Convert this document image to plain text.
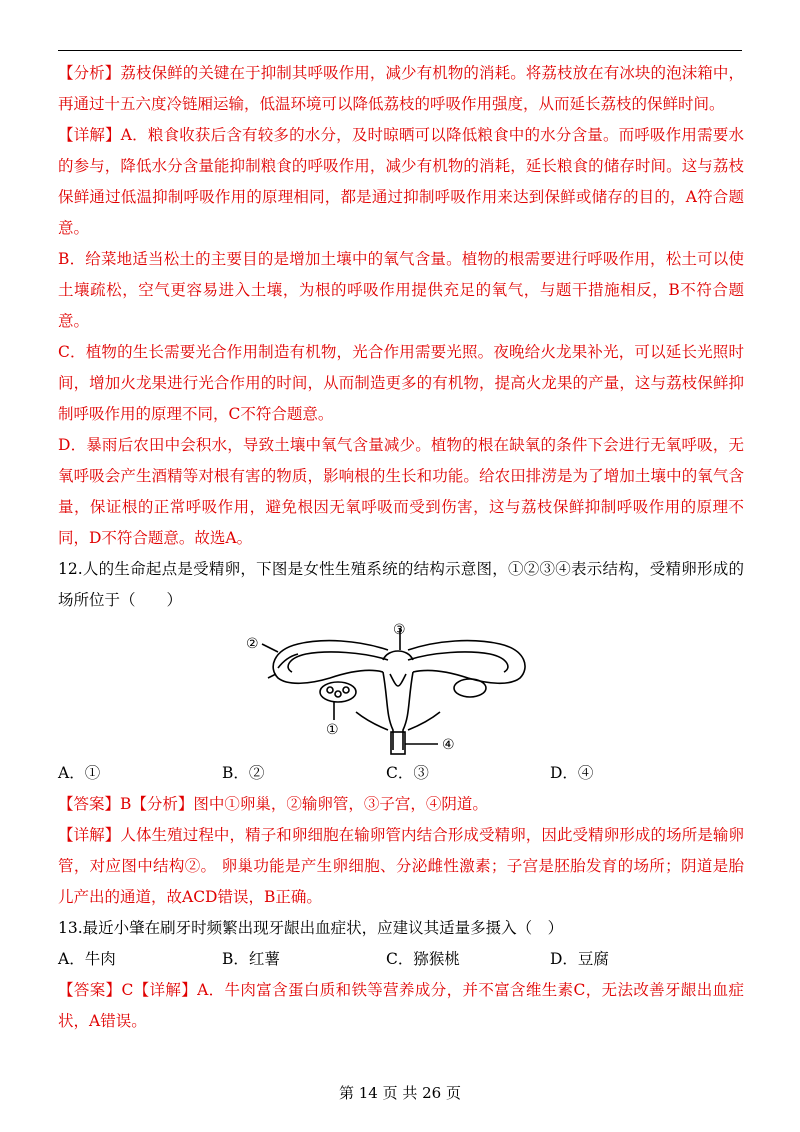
【分析】荔枝保鲜的关键在于抑制其呼吸作用，减少有机物的消耗。将荔枝放在有冰块的泡沫箱中，再通过十五六度冷链厢运输，低温环境可以降低荔枝的呼吸作用强度，从而延长荔枝的保鲜时间。

【详解】A．粮食收获后含有较多的水分，及时晾晒可以降低粮食中的水分含量。而呼吸作用需要水的参与，降低水分含量能抑制粮食的呼吸作用，减少有机物的消耗，延长粮食的储存时间。这与荔枝保鲜通过低温抑制呼吸作用的原理相同，都是通过抑制呼吸作用来达到保鲜或储存的目的，A符合题意。

B．给菜地适当松土的主要目的是增加土壤中的氧气含量。植物的根需要进行呼吸作用，松土可以使土壤疏松，空气更容易进入土壤，为根的呼吸作用提供充足的氧气，与题干措施相反，B不符合题意。

C．植物的生长需要光合作用制造有机物，光合作用需要光照。夜晚给火龙果补光，可以延长光照时间，增加火龙果进行光合作用的时间，从而制造更多的有机物，提高火龙果的产量，这与荔枝保鲜抑制呼吸作用的原理不同，C不符合题意。

D．暴雨后农田中会积水，导致土壤中氧气含量减少。植物的根在缺氧的条件下会进行无氧呼吸，无氧呼吸会产生酒精等对根有害的物质，影响根的生长和功能。给农田排涝是为了增加土壤中的氧气含量，保证根的正常呼吸作用，避免根因无氧呼吸而受到伤害，这与荔枝保鲜抑制呼吸作用的原理不同，D不符合题意。故选A。

12.人的生命起点是受精卵，下图是女性生殖系统的结构示意图，①②③④表示结构，受精卵形成的场所位于（　　）

③
②
①
④
A．①	B．②	C．③	D．④

【答案】B【分析】图中①卵巢，②输卵管，③子宫，④阴道。

【详解】人体生殖过程中，精子和卵细胞在输卵管内结合形成受精卵，因此受精卵形成的场所是输卵管，对应图中结构②。 卵巢功能是产生卵细胞、分泌雌性激素；子宫是胚胎发育的场所；阴道是胎儿产出的通道，故ACD错误，B正确。

13.最近小肇在刷牙时频繁出现牙龈出血症状，应建议其适量多摄入（　）

A．牛肉	B．红薯	C．猕猴桃	D．豆腐

【答案】C【详解】A．牛肉富含蛋白质和铁等营养成分，并不富含维生素C，无法改善牙龈出血症状，A错误。

第 14 页 共 26 页
